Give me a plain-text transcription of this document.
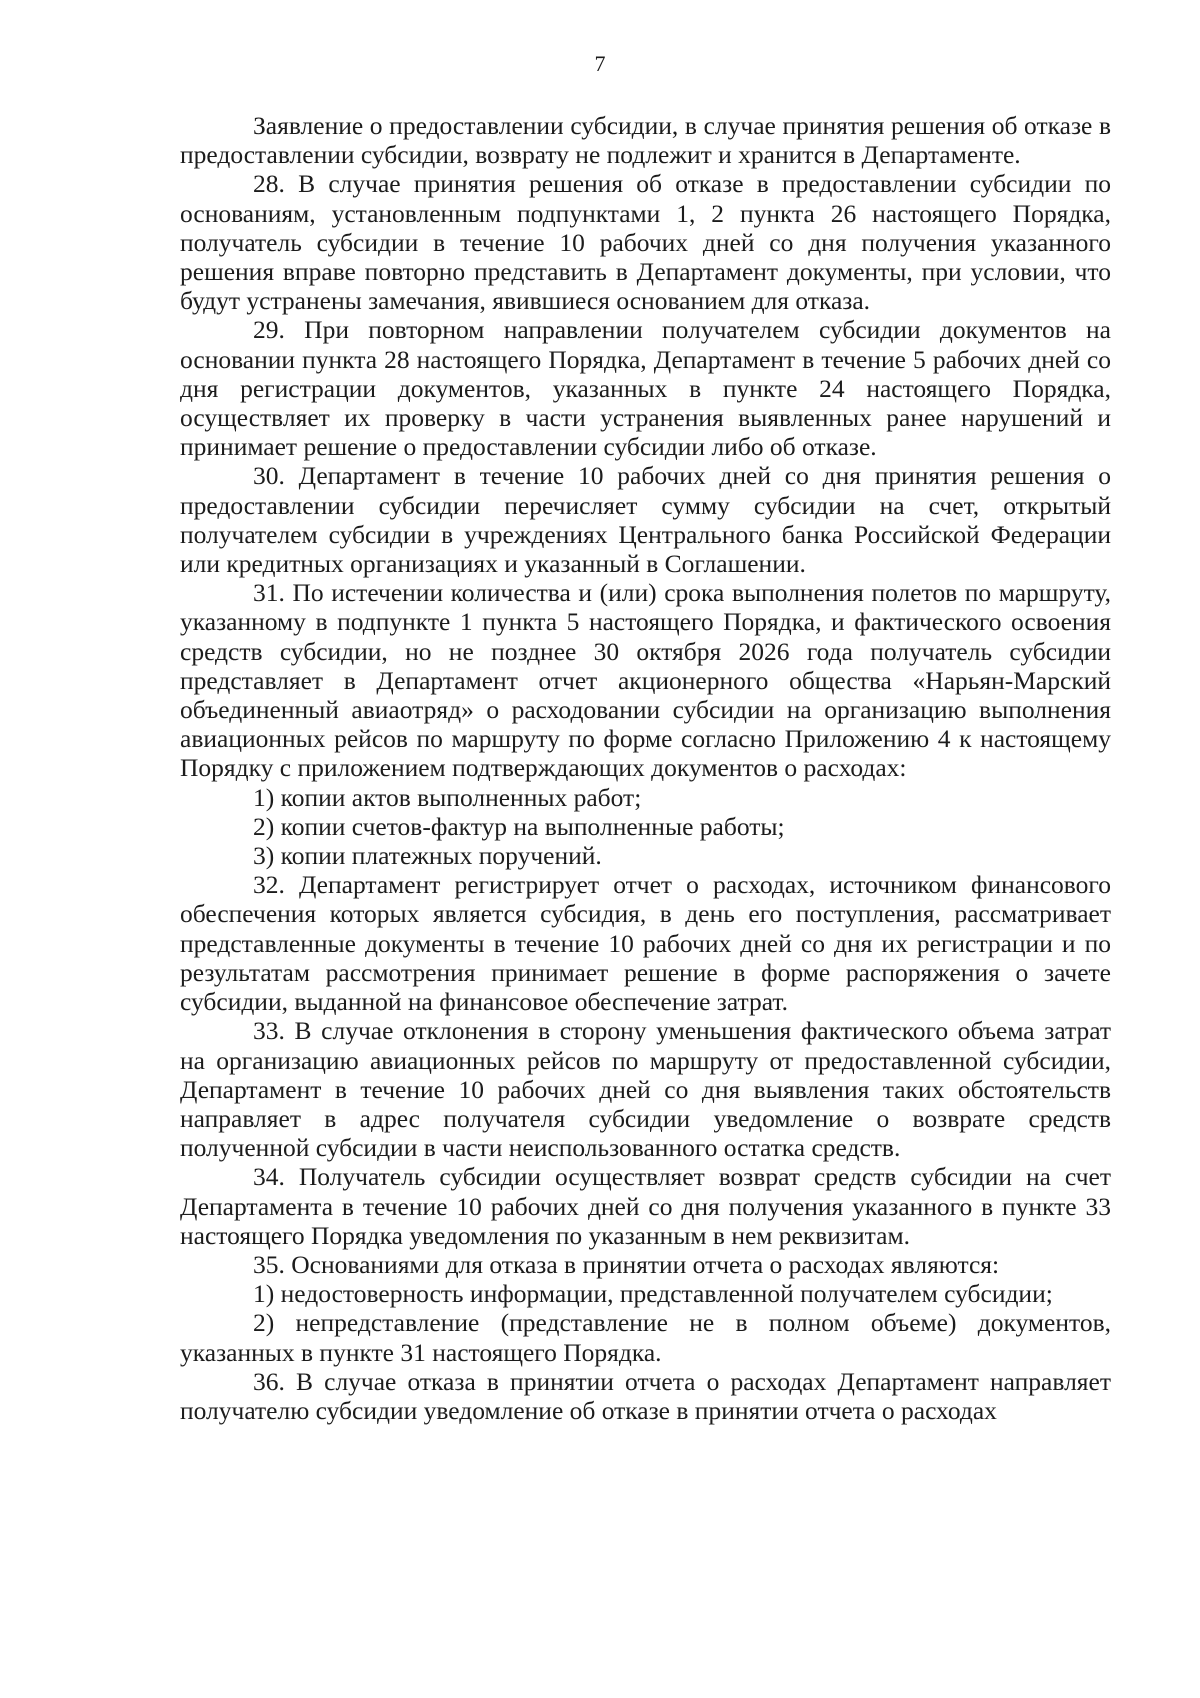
7

Заявление о предоставлении субсидии, в случае принятия решения об отказе в предоставлении субсидии, возврату не подлежит и хранится в Департаменте.

28. В случае принятия решения об отказе в предоставлении субсидии по основаниям, установленным подпунктами 1, 2 пункта 26 настоящего Порядка, получатель субсидии в течение 10 рабочих дней со дня получения указанного решения вправе повторно представить в Департамент документы, при условии, что будут устранены замечания, явившиеся основанием для отказа.

29. При повторном направлении получателем субсидии документов на основании пункта 28 настоящего Порядка, Департамент в течение 5 рабочих дней со дня регистрации документов, указанных в пункте 24 настоящего Порядка, осуществляет их проверку в части устранения выявленных ранее нарушений и принимает решение о предоставлении субсидии либо об отказе.

30. Департамент в течение 10 рабочих дней со дня принятия решения о предоставлении субсидии перечисляет сумму субсидии на счет, открытый получателем субсидии в учреждениях Центрального банка Российской Федерации или кредитных организациях и указанный в Соглашении.

31. По истечении количества и (или) срока выполнения полетов по маршруту, указанному в подпункте 1 пункта 5 настоящего Порядка, и фактического освоения средств субсидии, но не позднее 30 октября 2026 года получатель субсидии представляет в Департамент отчет акционерного общества «Нарьян-Марский объединенный авиаотряд» о расходовании субсидии на организацию выполнения авиационных рейсов по маршруту по форме согласно Приложению 4 к настоящему Порядку с приложением подтверждающих документов о расходах:

1) копии актов выполненных работ;

2) копии счетов-фактур на выполненные работы;

3) копии платежных поручений.

32. Департамент регистрирует отчет о расходах, источником финансового обеспечения которых является субсидия, в день его поступления, рассматривает представленные документы в течение 10 рабочих дней со дня их регистрации и по результатам рассмотрения принимает решение в форме распоряжения о зачете субсидии, выданной на финансовое обеспечение затрат.

33. В случае отклонения в сторону уменьшения фактического объема затрат на организацию авиационных рейсов по маршруту от предоставленной субсидии, Департамент в течение 10 рабочих дней со дня выявления таких обстоятельств направляет в адрес получателя субсидии уведомление о возврате средств полученной субсидии в части неиспользованного остатка средств.

34. Получатель субсидии осуществляет возврат средств субсидии на счет Департамента в течение 10 рабочих дней со дня получения указанного в пункте 33 настоящего Порядка уведомления по указанным в нем реквизитам.

35. Основаниями для отказа в принятии отчета о расходах являются:

1) недостоверность информации, представленной получателем субсидии;

2) непредставление (представление не в полном объеме) документов, указанных в пункте 31 настоящего Порядка.

36. В случае отказа в принятии отчета о расходах Департамент направляет получателю субсидии уведомление об отказе в принятии отчета о расходах
